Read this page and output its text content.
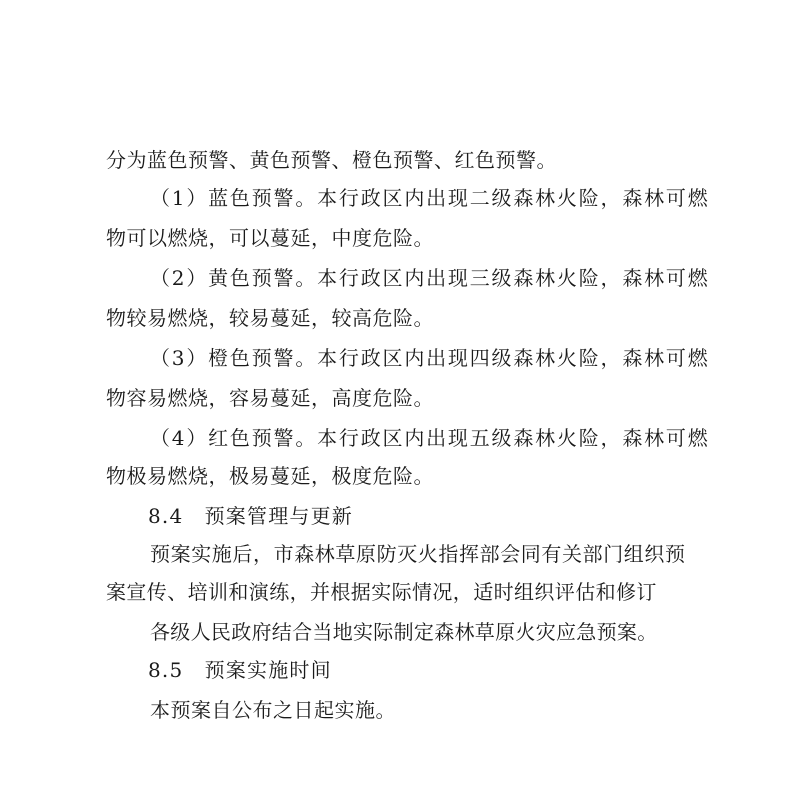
分为蓝色预警、黄色预警、橙色预警、红色预警。
（1）蓝色预警。本行政区内出现二级森林火险，森林可燃
物可以燃烧，可以蔓延，中度危险。
（2）黄色预警。本行政区内出现三级森林火险，森林可燃
物较易燃烧，较易蔓延，较高危险。
（3）橙色预警。本行政区内出现四级森林火险，森林可燃
物容易燃烧，容易蔓延，高度危险。
（4）红色预警。本行政区内出现五级森林火险，森林可燃
物极易燃烧，极易蔓延，极度危险。
8.4　预案管理与更新
预案实施后，市森林草原防灭火指挥部会同有关部门组织预
案宣传、培训和演练，并根据实际情况，适时组织评估和修订
各级人民政府结合当地实际制定森林草原火灾应急预案。
8.5　预案实施时间
本预案自公布之日起实施。
